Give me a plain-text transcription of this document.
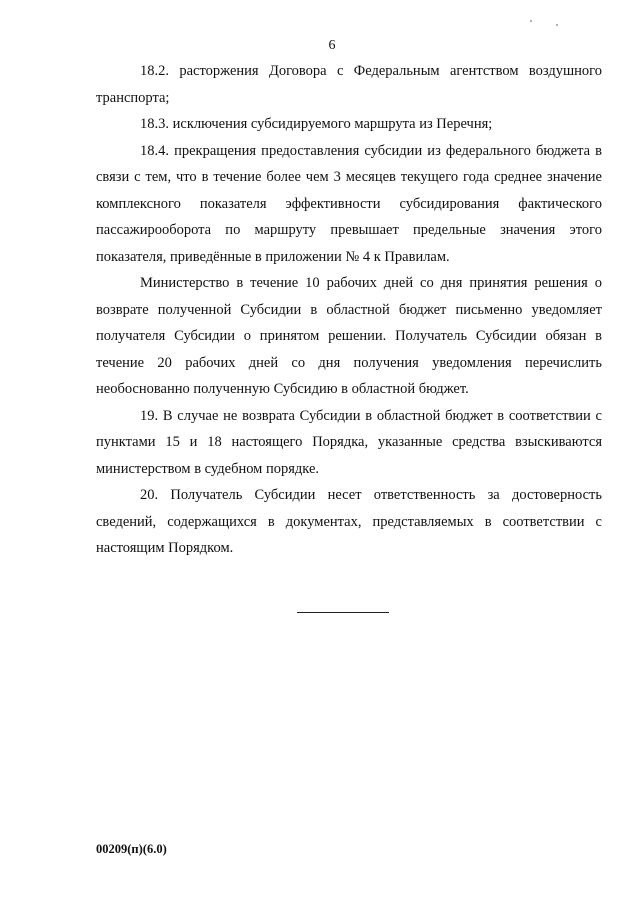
6

18.2. расторжения Договора с Федеральным агентством воздушного транспорта;

18.3. исключения субсидируемого маршрута из Перечня;

18.4. прекращения предоставления субсидии из федерального бюджета в связи с тем, что в течение более чем 3 месяцев текущего года среднее значение комплексного показателя эффективности субсидирования фактического пассажирооборота по маршруту превышает предельные значения этого показателя, приведённые в приложении № 4 к Правилам.

Министерство в течение 10 рабочих дней со дня принятия решения о возврате полученной Субсидии в областной бюджет письменно уведомляет получателя Субсидии о принятом решении. Получатель Субсидии обязан в течение 20 рабочих дней со дня получения уведомления перечислить необоснованно полученную Субсидию в областной бюджет.

19. В случае не возврата Субсидии в областной бюджет в соответствии с пунктами 15 и 18 настоящего Порядка, указанные средства взыскиваются министерством в судебном порядке.

20. Получатель Субсидии несет ответственность за достоверность сведений, содержащихся в документах, представляемых в соответствии с настоящим Порядком.

00209(п)(6.0)
